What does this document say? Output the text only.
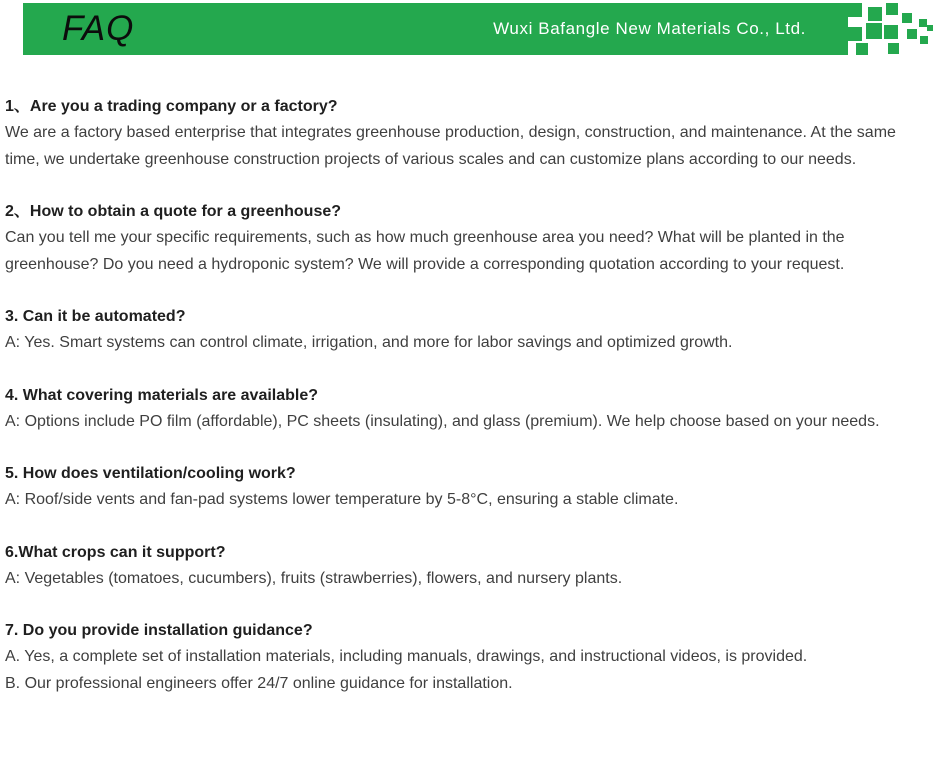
FAQ	Wuxi Bafangle New Materials Co., Ltd.

1、Are you a trading company or a factory?

We are a factory based enterprise that integrates greenhouse production, design, construction, and maintenance. At the same time, we undertake greenhouse construction projects of various scales and can customize plans according to our needs.

2、How to obtain a quote for a greenhouse?

Can you tell me your specific requirements, such as how much greenhouse area you need? What will be planted in the greenhouse? Do you need a hydroponic system? We will provide a corresponding quotation according to your request.

3. Can it be automated?

A: Yes. Smart systems can control climate, irrigation, and more for labor savings and optimized growth.

4. What covering materials are available?

A: Options include PO film (affordable), PC sheets (insulating), and glass (premium). We help choose based on your needs.

5. How does ventilation/cooling work?

A: Roof/side vents and fan-pad systems lower temperature by 5-8°C, ensuring a stable climate.

6.What crops can it support?

A: Vegetables (tomatoes, cucumbers), fruits (strawberries), flowers, and nursery plants.

7. Do you provide installation guidance?

A. Yes, a complete set of installation materials, including manuals, drawings, and instructional videos, is provided.

B. Our professional engineers offer 24/7 online guidance for installation.
